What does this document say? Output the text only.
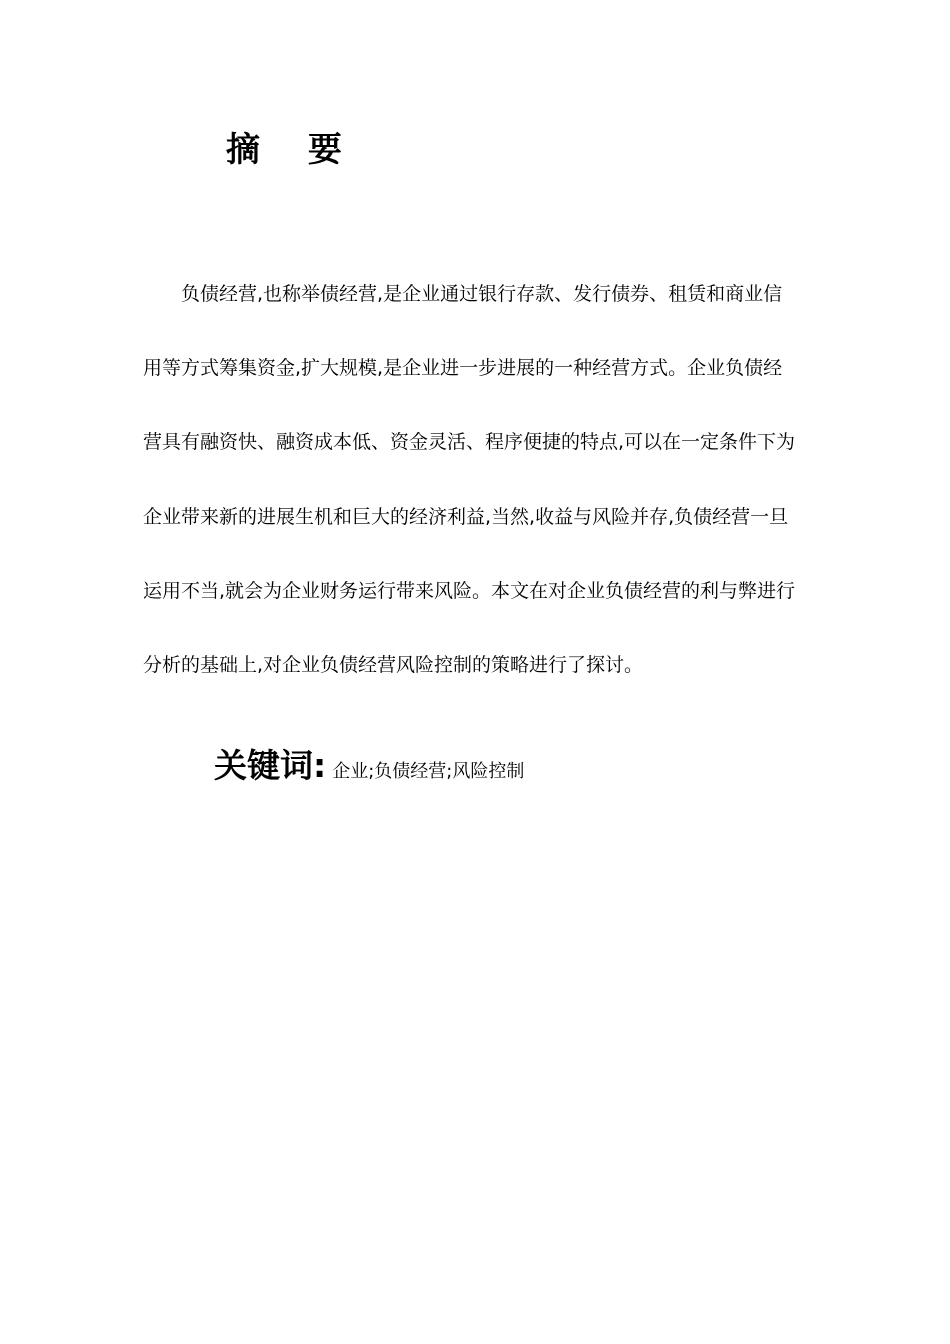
摘 要
负债经营,也称举债经营,是企业通过银行存款、发行债券、租赁和商业信
用等方式筹集资金,扩大规模,是企业进一步进展的一种经营方式。企业负债经
营具有融资快、融资成本低、资金灵活、程序便捷的特点,可以在一定条件下为
企业带来新的进展生机和巨大的经济利益,当然,收益与风险并存,负债经营一旦
运用不当,就会为企业财务运行带来风险。本文在对企业负债经营的利与弊进行
分析的基础上,对企业负债经营风险控制的策略进行了探讨。
关键词: 企业;负债经营;风险控制
